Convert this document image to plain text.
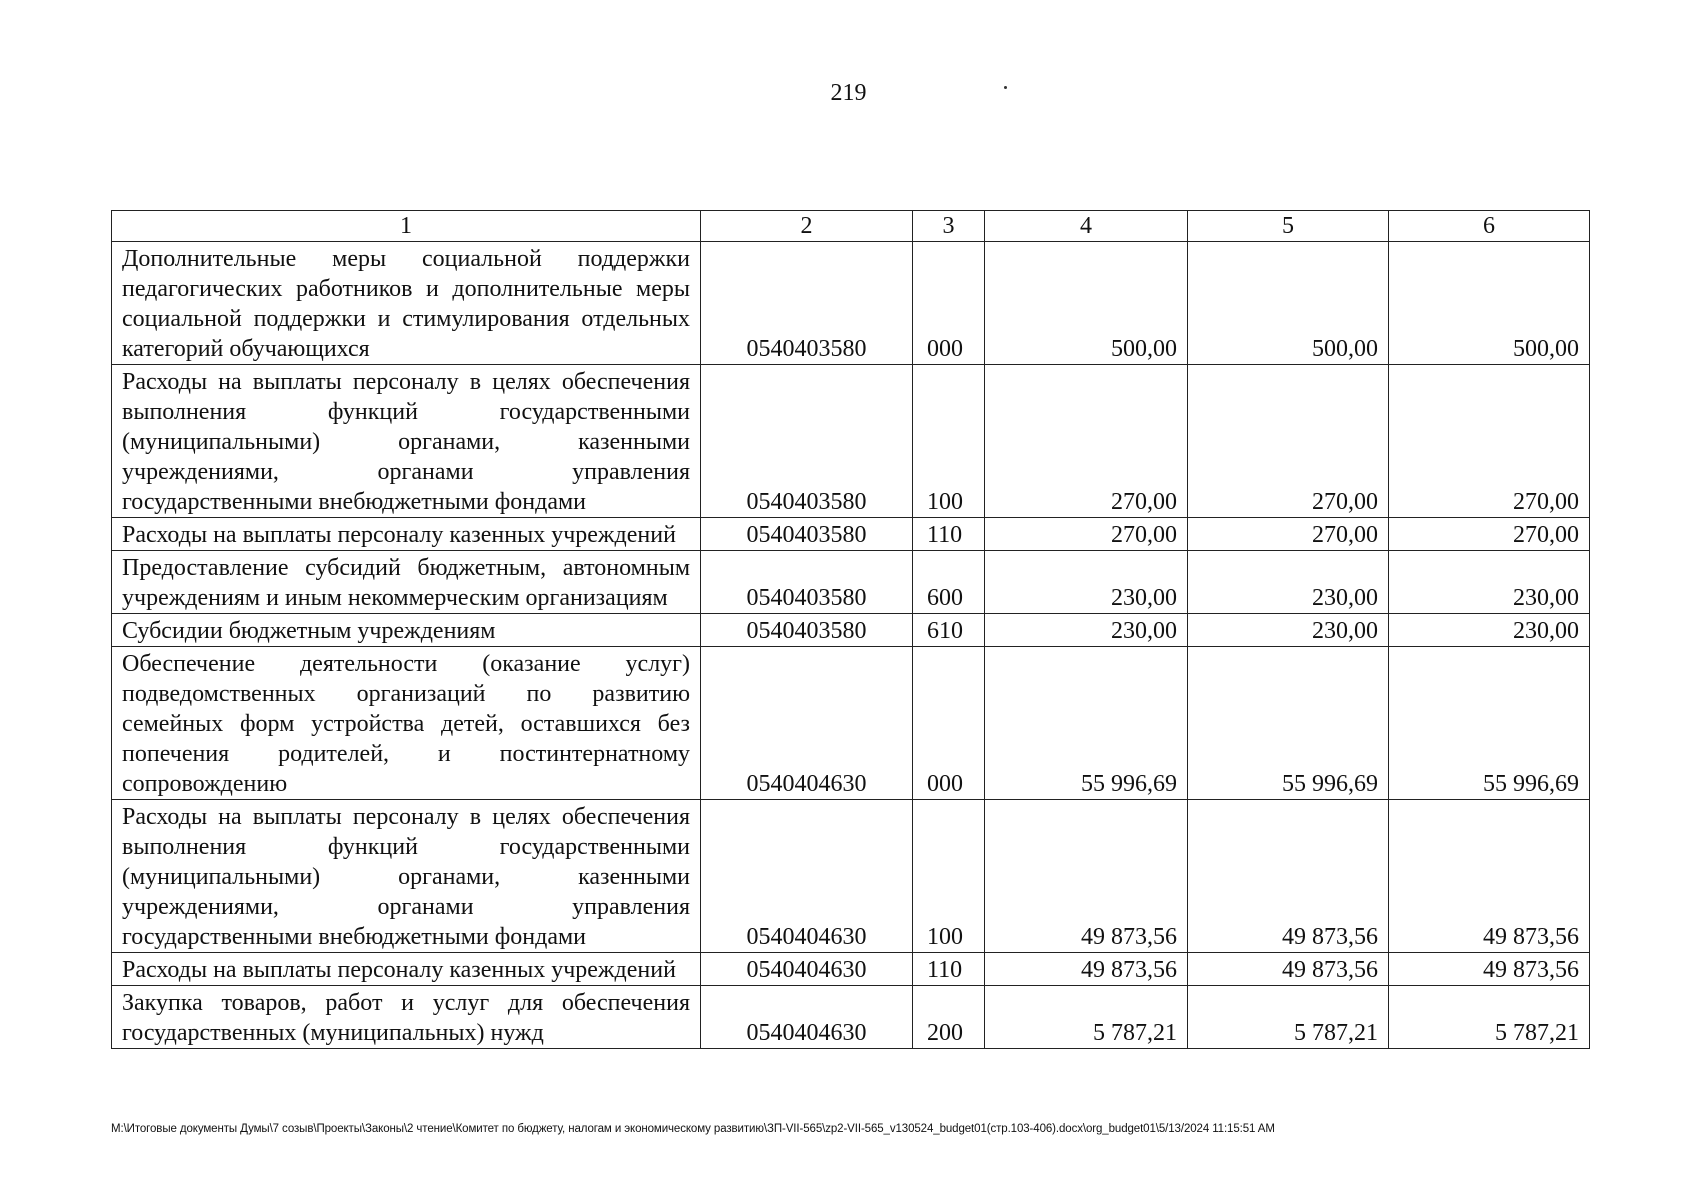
219
1	2	3	4	5	6
Дополнительные меры социальной поддержки педагогических работников и дополнительные меры социальной поддержки и стимулирования отдельных категорий обучающихся	0540403580	000	500,00	500,00	500,00
Расходы на выплаты персоналу в целях обеспечения выполнения функций государственными (муниципальными) органами, казенными учреждениями, органами управления государственными внебюджетными фондами	0540403580	100	270,00	270,00	270,00
Расходы на выплаты персоналу казенных учреждений	0540403580	110	270,00	270,00	270,00
Предоставление субсидий бюджетным, автономным учреждениям и иным некоммерческим организациям	0540403580	600	230,00	230,00	230,00
Субсидии бюджетным учреждениям	0540403580	610	230,00	230,00	230,00
Обеспечение деятельности (оказание услуг) подведомственных организаций по развитию семейных форм устройства детей, оставшихся без попечения родителей, и постинтернатному сопровождению	0540404630	000	55 996,69	55 996,69	55 996,69
Расходы на выплаты персоналу в целях обеспечения выполнения функций государственными (муниципальными) органами, казенными учреждениями, органами управления государственными внебюджетными фондами	0540404630	100	49 873,56	49 873,56	49 873,56
Расходы на выплаты персоналу казенных учреждений	0540404630	110	49 873,56	49 873,56	49 873,56
Закупка товаров, работ и услуг для обеспечения государственных (муниципальных) нужд	0540404630	200	5 787,21	5 787,21	5 787,21
M:\Итоговые документы Думы\7 созыв\Проекты\Законы\2 чтение\Комитет по бюджету, налогам и экономическому развитию\ЗП-VII-565\zp2-VII-565_v130524_budget01(стр.103-406).docx\org_budget01\5/13/2024 11:15:51 AM
